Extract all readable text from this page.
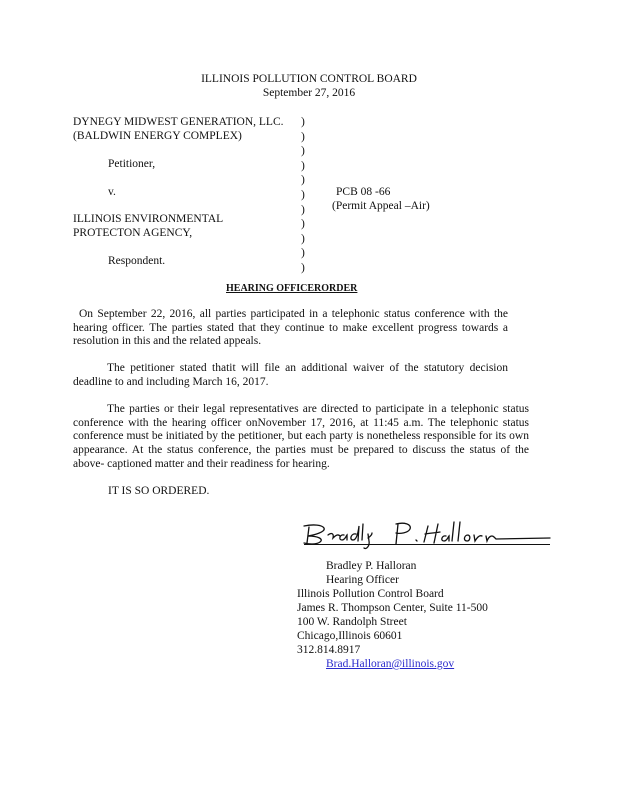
ILLINOIS POLLUTION CONTROL BOARD
September 27, 2016
DYNEGY MIDWEST GENERATION, LLC.
(BALDWIN ENERGY COMPLEX)
Petitioner,
v.
ILLINOIS ENVIRONMENTAL
PROTECTON AGENCY,
Respondent.
)
)
)
)
)
)
)
)
)
)
)
PCB 08 -66
(Permit Appeal –Air)
HEARING OFFICERORDER

On September 22, 2016, all parties participated in a telephonic status conference with the hearing officer. The parties stated that they continue to make excellent progress towards a resolution in this and the related appeals.

The petitioner stated thatit will file an additional waiver of the statutory decision deadline to and including March 16, 2017.

The parties or their legal representatives are directed to participate in a telephonic status conference with the hearing officer onNovember 17, 2016, at 11:45 a.m. The telephonic status conference must be initiated by the petitioner, but each party is nonetheless responsible for its own appearance. At the status conference, the parties must be prepared to discuss the status of the above- captioned matter and their readiness for hearing.

IT IS SO ORDERED.
Bradley P. Halloran
Hearing Officer
Illinois Pollution Control Board
James R. Thompson Center, Suite 11-500
100 W. Randolph Street
Chicago,Illinois 60601
312.814.8917
Brad.Halloran@illinois.gov
